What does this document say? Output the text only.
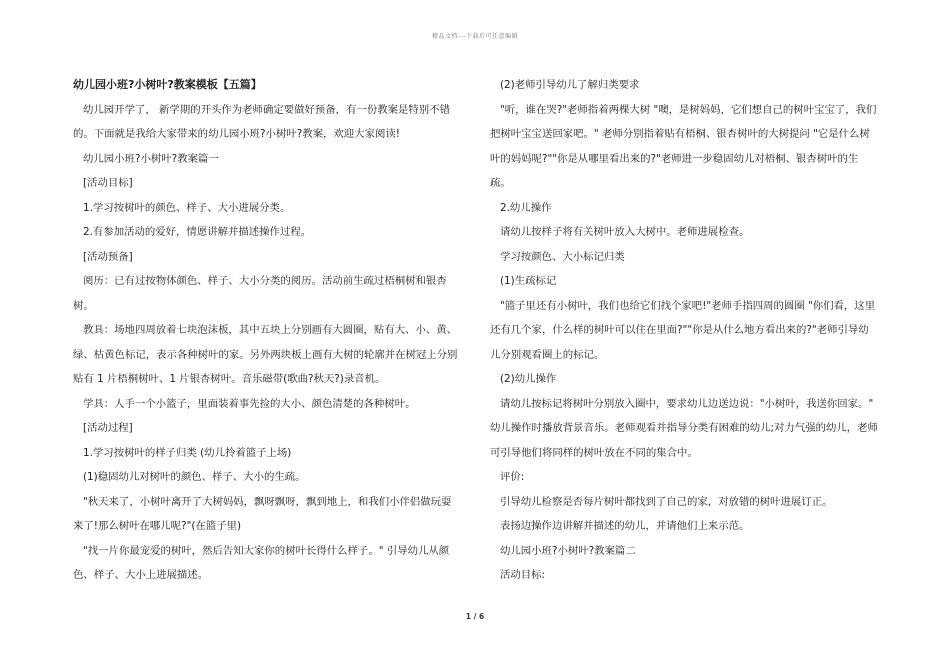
精品文档---下载后可任意编辑

幼儿园小班?小树叶?教案模板【五篇】

幼儿园开学了， 新学期的开头作为老师确定要做好预备，有一份教案是特别不错的。下面就是我给大家带来的幼儿园小班?小树叶?教案，欢迎大家阅读!

幼儿园小班?小树叶?教案篇一

[活动目标]

1.学习按树叶的颜色、样子、大小进展分类。

2.有参加活动的爱好，情愿讲解并描述操作过程。

[活动预备]

阅历：已有过按物体颜色、样子、大小分类的阅历。活动前生疏过梧桐树和银杏树。

教具：场地四周放着七块泡沫板，其中五块上分别画有大圆圈，贴有大、小、黄、绿、枯黄色标记，表示各种树叶的家。另外两块板上画有大树的轮廓并在树冠上分别贴有 1 片梧桐树叶、1 片银杏树叶。音乐磁带(歌曲?秋天?)录音机。

学具：人手一个小篮子，里面装着事先捡的大小、颜色清楚的各种树叶。

[活动过程]

1.学习按树叶的样子归类 (幼儿拎着篮子上场)

(1)稳固幼儿对树叶的颜色、样子、大小的生疏。

"秋天来了，小树叶离开了大树妈妈，飘呀飘呀，飘到地上，和我们小伴侣做玩耍来了!那么树叶在哪儿呢?"(在篮子里)

"找一片你最宠爱的树叶，然后告知大家你的树叶长得什么样子。" 引导幼儿从颜色、样子、大小上进展描述。

(2)老师引导幼儿了解归类要求

"听，谁在哭?"老师指着两棵大树 "噢，是树妈妈，它们想自己的树叶宝宝了，我们把树叶宝宝送回家吧。" 老师分别指着贴有梧桐、银杏树叶的大树提问 "它是什么树叶的妈妈呢?""你是从哪里看出来的?"老师进一步稳固幼儿对梧桐、银杏树叶的生疏。

2.幼儿操作

请幼儿按样子将有关树叶放入大树中。老师进展检查。

学习按颜色、大小标记归类

(1)生疏标记

"篮子里还有小树叶，我们也给它们找个家吧!"老师手指四周的圆圈 "你们看，这里还有几个家，什么样的树叶可以住在里面?""你是从什么地方看出来的?"老师引导幼儿分别观看圈上的标记。

(2)幼儿操作

请幼儿按标记将树叶分别放入圈中，要求幼儿边送边说："小树叶，我送你回家。" 幼儿操作时播放背景音乐。老师观看并指导分类有困难的幼儿;对力气强的幼儿，老师可引导他们将同样的树叶放在不同的集合中。

评价:

引导幼儿检察是否每片树叶都找到了自己的家，对放错的树叶进展订正。

表扬边操作边讲解并描述的幼儿，并请他们上来示范。

幼儿园小班?小树叶?教案篇二

活动目标:

1 / 6
